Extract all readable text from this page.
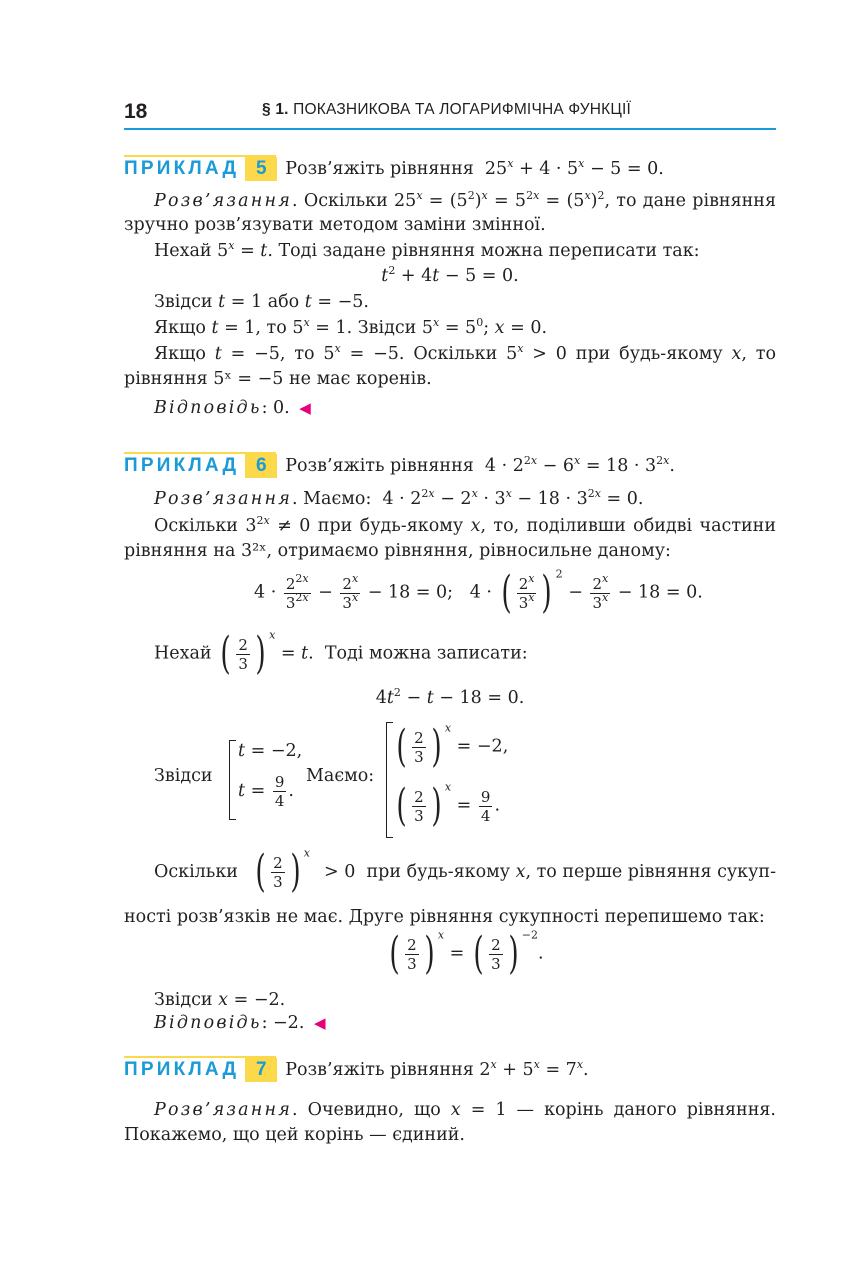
18	§ 1. ПОКАЗНИКОВА ТА ЛОГАРИФМІЧНА ФУНКЦІЇ
ПРИКЛАД 5	Розв’яжіть рівняння  $25^x + 4 \cdot 5^x - 5 = 0$.
Розв’язання. Оскільки $25^x = (5^2)^x = 5^{2x} = (5^x)^2$, то дане рівняння
зручно розв’язувати методом заміни змінної.
Нехай $5^x = t$. Тоді задане рівняння можна переписати так:
$t^2 + 4t - 5 = 0$.
Звідси t = 1 або t = −5.
Якщо t = 1, то $5^x = 1$. Звідси $5^x = 5^0$; x = 0.
Якщо t = −5, то $5^x = -5$. Оскільки $5^x > 0$ при будь-якому x, то
рівняння 5ˣ = −5 не має коренів.
Відповідь: 0. ◀
ПРИКЛАД 6	Розв’яжіть рівняння  $4 \cdot 2^{2x} - 6^x = 18 \cdot 3^{2x}$.
Розв’язання. Маємо:  $4 \cdot 2^{2x} - 2^x \cdot 3^x - 18 \cdot 3^{2x} = 0$.
Оскільки $3^{2x} \ne 0$ при будь-якому x, то, поділивши обидві частини
рівняння на 3²ˣ, отримаємо рівняння, рівносильне даному:
$4 \cdot \frac{2^{2x}}{3^{2x}} - \frac{2^x}{3^x} - 18 = 0$;   4 · ( $\frac{2^x}{3^x}$ ) $^2 - \frac{2^x}{3^x} - 18 = 0$.
Нехай ( $\frac{2}{3}$ ) $^x$ = t.  Тоді можна записати:
$4t^2 - t - 18 = 0$.
Звідси
t = −2,
$t = \frac{9}{4}$ .
Маємо:
( $\frac{2}{3}$ ) $^x$ = −2,
( $\frac{2}{3}$ ) $^x = \frac{9}{4}$ .
Оскільки ( $\frac{2}{3}$ ) $^x$
> 0  при будь-якому x, то перше рівняння сукуп-
ності розв’язків не має. Друге рівняння сукупності перепишемо так:
( $\frac{2}{3}$ ) $^x$ = ( $\frac{2}{3}$ ) $^{-2}$.
Звідси x = −2.
Відповідь: −2. ◀
ПРИКЛАД 7	Розв’яжіть рівняння $2^x + 5^x = 7^x$.
Розв’язання. Очевидно, що x = 1 — корінь даного рівняння.
Покажемо, що цей корінь — єдиний.
